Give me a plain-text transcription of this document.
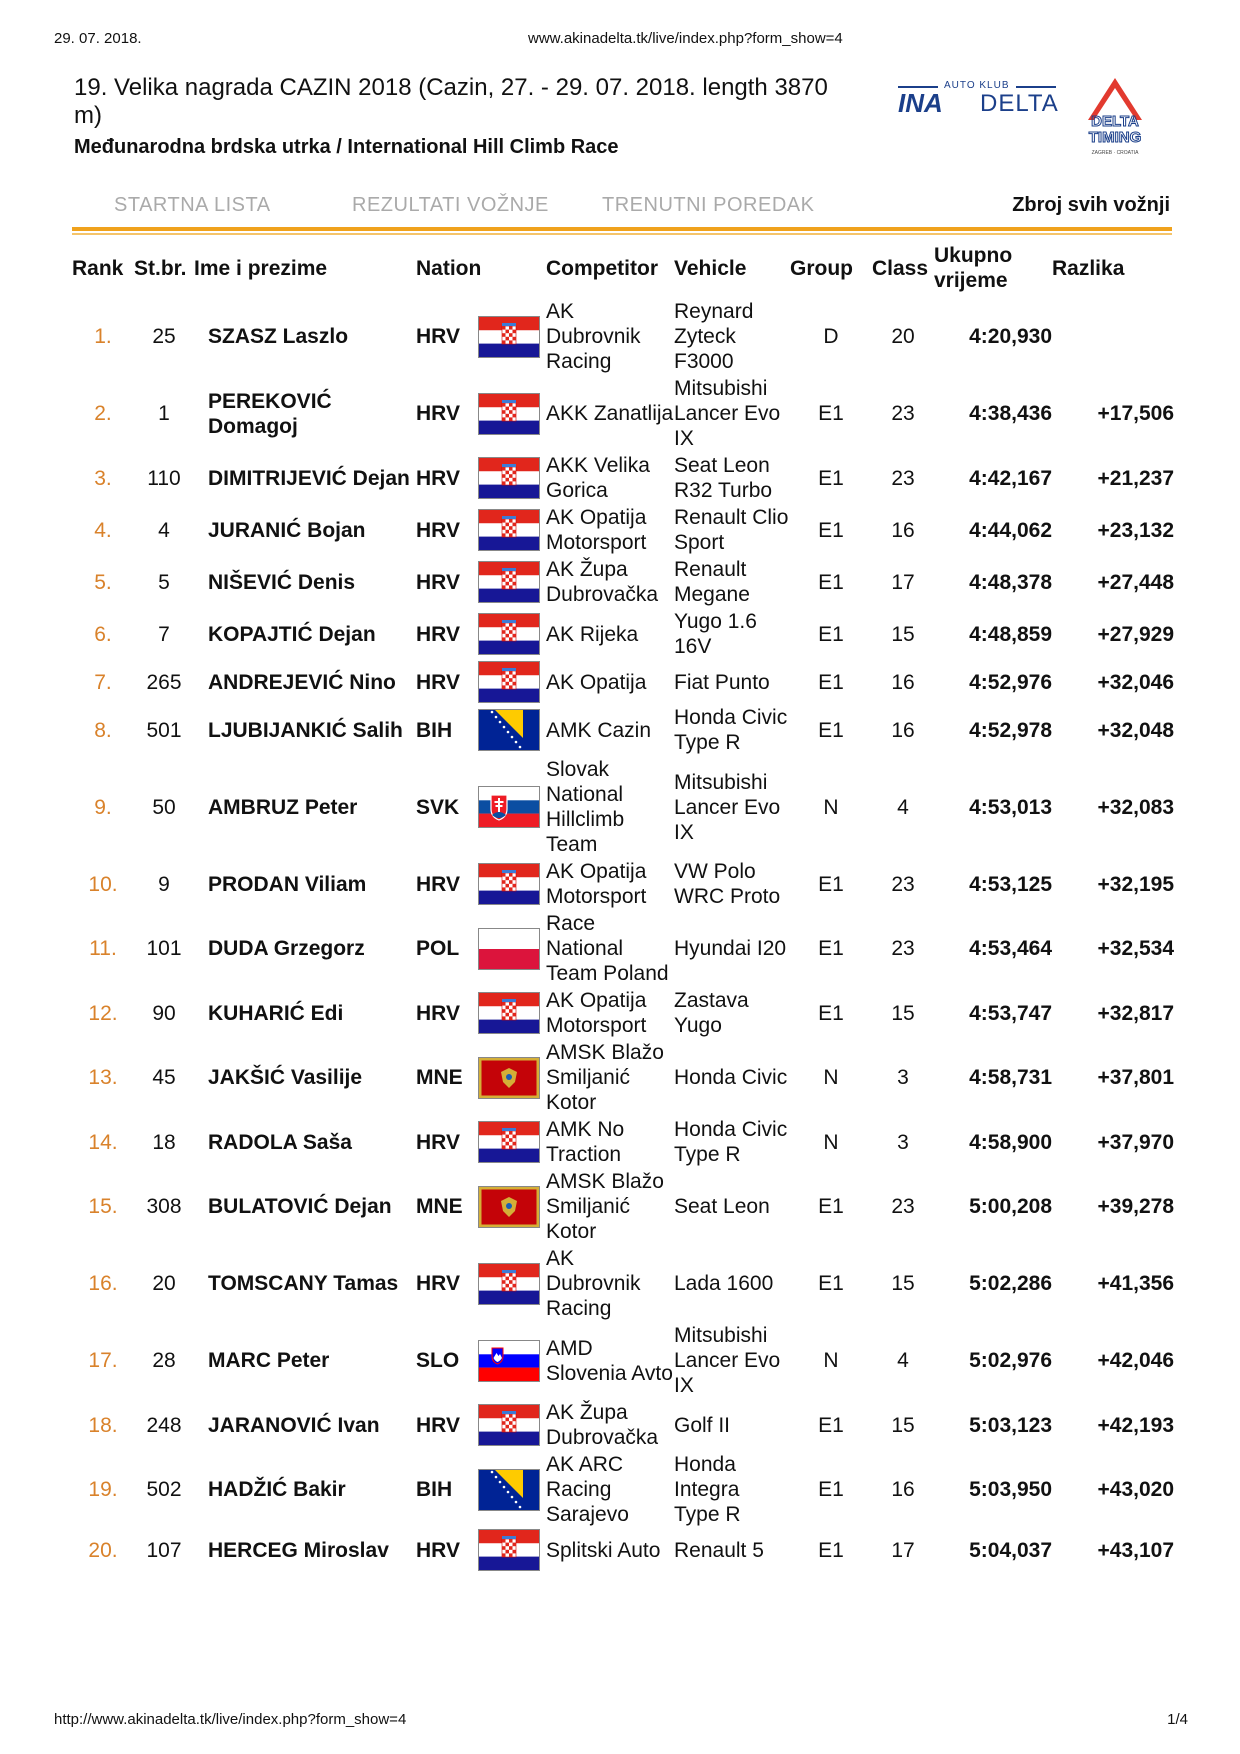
29. 07. 2018.	www.akinadelta.tk/live/index.php?form_show=4
19. Velika nagrada CAZIN 2018 (Cazin, 27. - 29. 07. 2018. length 3870 m)
Međunarodna brdska utrka / International Hill Climb Race
AUTO KLUB
INA DELTA
DELTA
TIMING
ZAGREB · CROATIA
STARTNA LISTA	REZULTATI VOŽNJE	TRENUTNI POREDAK	Zbroj svih vožnji
Rank	St.br.	Ime i prezime	Nation		Competitor	Vehicle	Group	Class	Ukupno vrijeme	Razlika
1.	25	SZASZ Laszlo	HRV		AK Dubrovnik Racing	Reynard Zyteck F3000	D	20	4:20,930	
2.	1	PEREKOVIĆ Domagoj	HRV		AKK Zanatlija	Mitsubishi Lancer Evo IX	E1	23	4:38,436	+17,506
3.	110	DIMITRIJEVIĆ Dejan	HRV		AKK Velika Gorica	Seat Leon R32 Turbo	E1	23	4:42,167	+21,237
4.	4	JURANIĆ Bojan	HRV		AK Opatija Motorsport	Renault Clio Sport	E1	16	4:44,062	+23,132
5.	5	NIŠEVIĆ Denis	HRV		AK Župa Dubrovačka	Renault Megane	E1	17	4:48,378	+27,448
6.	7	KOPAJTIĆ Dejan	HRV		AK Rijeka	Yugo 1.6 16V	E1	15	4:48,859	+27,929
7.	265	ANDREJEVIĆ Nino	HRV		AK Opatija	Fiat Punto	E1	16	4:52,976	+32,046
8.	501	LJUBIJANKIĆ Salih	BIH		AMK Cazin	Honda Civic Type R	E1	16	4:52,978	+32,048
9.	50	AMBRUZ Peter	SVK		Slovak National Hillclimb Team	Mitsubishi Lancer Evo IX	N	4	4:53,013	+32,083
10.	9	PRODAN Viliam	HRV		AK Opatija Motorsport	VW Polo WRC Proto	E1	23	4:53,125	+32,195
11.	101	DUDA Grzegorz	POL		Race National Team Poland	Hyundai I20	E1	23	4:53,464	+32,534
12.	90	KUHARIĆ Edi	HRV		AK Opatija Motorsport	Zastava Yugo	E1	15	4:53,747	+32,817
13.	45	JAKŠIĆ Vasilije	MNE		AMSK Blažo Smiljanić Kotor	Honda Civic	N	3	4:58,731	+37,801
14.	18	RADOLA Saša	HRV		AMK No Traction	Honda Civic Type R	N	3	4:58,900	+37,970
15.	308	BULATOVIĆ Dejan	MNE		AMSK Blažo Smiljanić Kotor	Seat Leon	E1	23	5:00,208	+39,278
16.	20	TOMSCANY Tamas	HRV		AK Dubrovnik Racing	Lada 1600	E1	15	5:02,286	+41,356
17.	28	MARC Peter	SLO		AMD Slovenia Avto	Mitsubishi Lancer Evo IX	N	4	5:02,976	+42,046
18.	248	JARANOVIĆ Ivan	HRV		AK Župa Dubrovačka	Golf II	E1	15	5:03,123	+42,193
19.	502	HADŽIĆ Bakir	BIH		AK ARC Racing Sarajevo	Honda Integra Type R	E1	16	5:03,950	+43,020
20.	107	HERCEG Miroslav	HRV		Splitski Auto	Renault 5	E1	17	5:04,037	+43,107
http://www.akinadelta.tk/live/index.php?form_show=4	1/4
